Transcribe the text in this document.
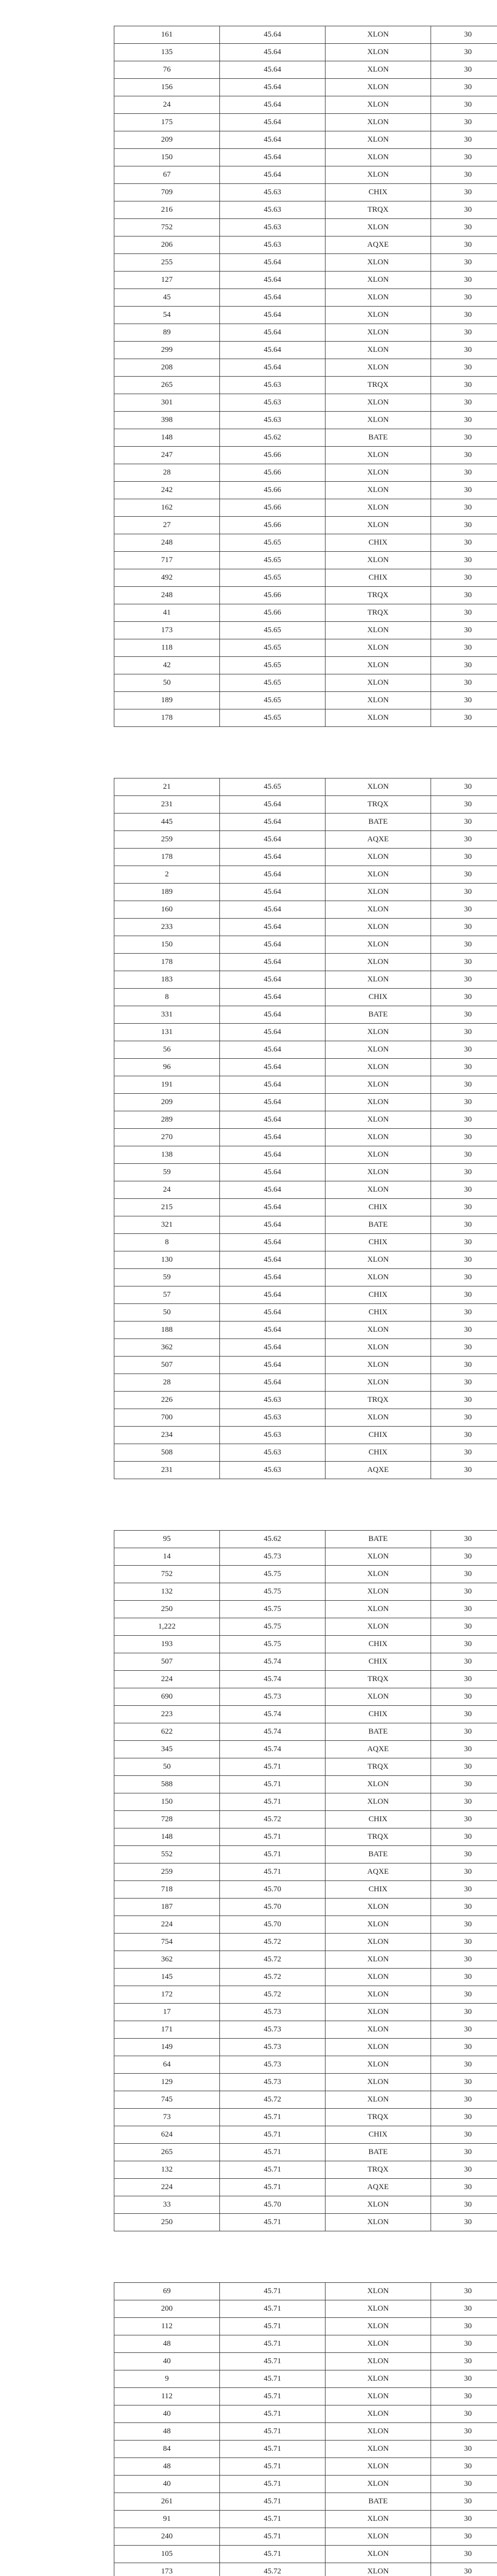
161	45.64	XLON	30
135	45.64	XLON	30
76	45.64	XLON	30
156	45.64	XLON	30
24	45.64	XLON	30
175	45.64	XLON	30
209	45.64	XLON	30
150	45.64	XLON	30
67	45.64	XLON	30
709	45.63	CHIX	30
216	45.63	TRQX	30
752	45.63	XLON	30
206	45.63	AQXE	30
255	45.64	XLON	30
127	45.64	XLON	30
45	45.64	XLON	30
54	45.64	XLON	30
89	45.64	XLON	30
299	45.64	XLON	30
208	45.64	XLON	30
265	45.63	TRQX	30
301	45.63	XLON	30
398	45.63	XLON	30
148	45.62	BATE	30
247	45.66	XLON	30
28	45.66	XLON	30
242	45.66	XLON	30
162	45.66	XLON	30
27	45.66	XLON	30
248	45.65	CHIX	30
717	45.65	XLON	30
492	45.65	CHIX	30
248	45.66	TRQX	30
41	45.66	TRQX	30
173	45.65	XLON	30
118	45.65	XLON	30
42	45.65	XLON	30
50	45.65	XLON	30
189	45.65	XLON	30
178	45.65	XLON	30
21	45.65	XLON	30
231	45.64	TRQX	30
445	45.64	BATE	30
259	45.64	AQXE	30
178	45.64	XLON	30
2	45.64	XLON	30
189	45.64	XLON	30
160	45.64	XLON	30
233	45.64	XLON	30
150	45.64	XLON	30
178	45.64	XLON	30
183	45.64	XLON	30
8	45.64	CHIX	30
331	45.64	BATE	30
131	45.64	XLON	30
56	45.64	XLON	30
96	45.64	XLON	30
191	45.64	XLON	30
209	45.64	XLON	30
289	45.64	XLON	30
270	45.64	XLON	30
138	45.64	XLON	30
59	45.64	XLON	30
24	45.64	XLON	30
215	45.64	CHIX	30
321	45.64	BATE	30
8	45.64	CHIX	30
130	45.64	XLON	30
59	45.64	XLON	30
57	45.64	CHIX	30
50	45.64	CHIX	30
188	45.64	XLON	30
362	45.64	XLON	30
507	45.64	XLON	30
28	45.64	XLON	30
226	45.63	TRQX	30
700	45.63	XLON	30
234	45.63	CHIX	30
508	45.63	CHIX	30
231	45.63	AQXE	30
95	45.62	BATE	30
14	45.73	XLON	30
752	45.75	XLON	30
132	45.75	XLON	30
250	45.75	XLON	30
1,222	45.75	XLON	30
193	45.75	CHIX	30
507	45.74	CHIX	30
224	45.74	TRQX	30
690	45.73	XLON	30
223	45.74	CHIX	30
622	45.74	BATE	30
345	45.74	AQXE	30
50	45.71	TRQX	30
588	45.71	XLON	30
150	45.71	XLON	30
728	45.72	CHIX	30
148	45.71	TRQX	30
552	45.71	BATE	30
259	45.71	AQXE	30
718	45.70	CHIX	30
187	45.70	XLON	30
224	45.70	XLON	30
754	45.72	XLON	30
362	45.72	XLON	30
145	45.72	XLON	30
172	45.72	XLON	30
17	45.73	XLON	30
171	45.73	XLON	30
149	45.73	XLON	30
64	45.73	XLON	30
129	45.73	XLON	30
745	45.72	XLON	30
73	45.71	TRQX	30
624	45.71	CHIX	30
265	45.71	BATE	30
132	45.71	TRQX	30
224	45.71	AQXE	30
33	45.70	XLON	30
250	45.71	XLON	30
69	45.71	XLON	30
200	45.71	XLON	30
112	45.71	XLON	30
48	45.71	XLON	30
40	45.71	XLON	30
9	45.71	XLON	30
112	45.71	XLON	30
40	45.71	XLON	30
48	45.71	XLON	30
84	45.71	XLON	30
48	45.71	XLON	30
40	45.71	XLON	30
261	45.71	BATE	30
91	45.71	XLON	30
240	45.71	XLON	30
105	45.71	XLON	30
173	45.72	XLON	30
